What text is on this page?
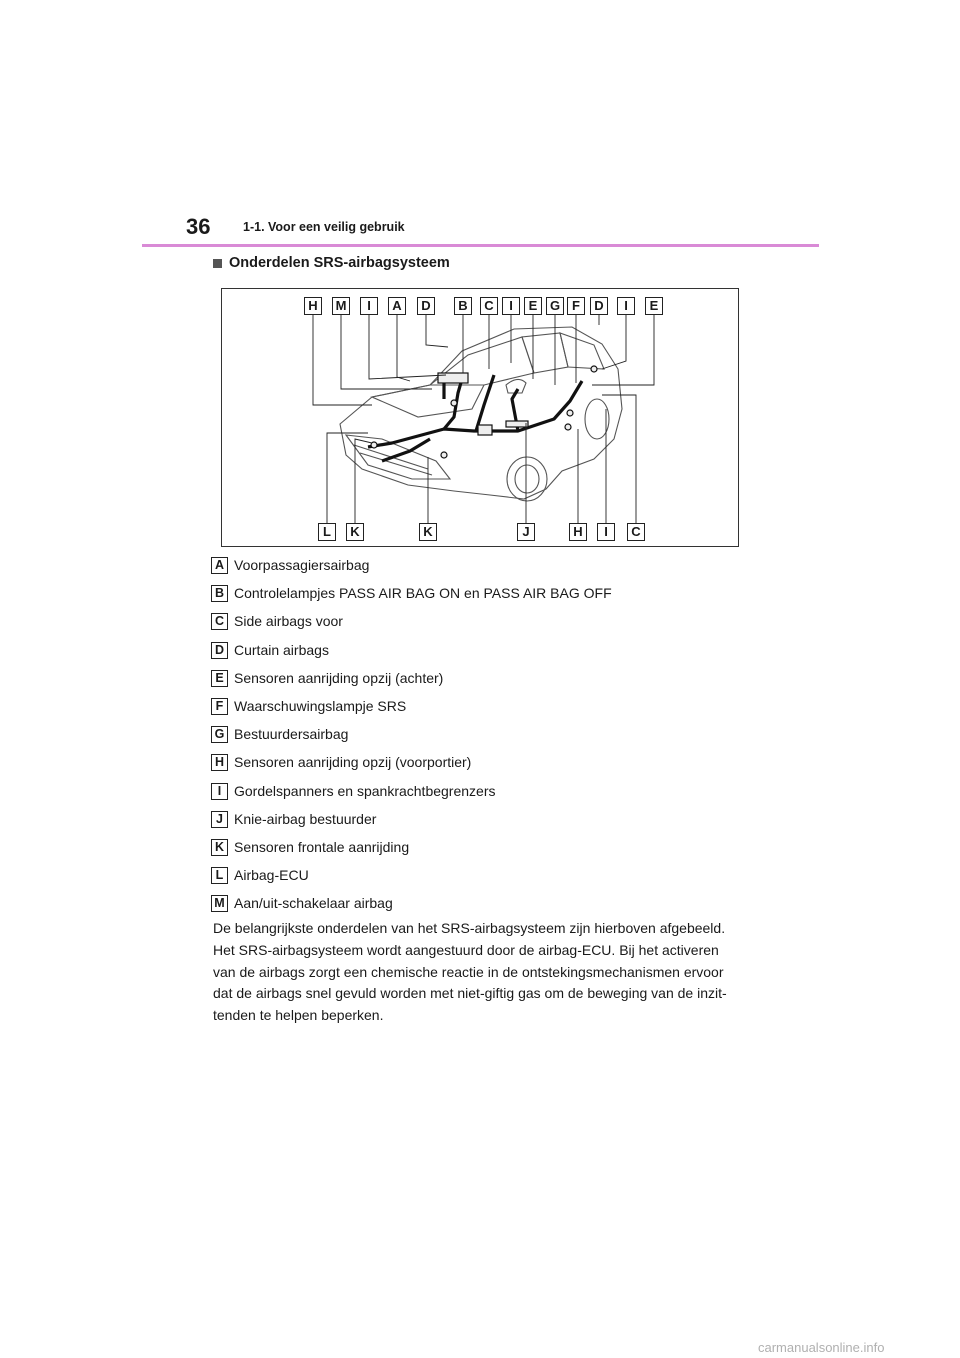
36	1-1. Voor een veilig gebruik
Onderdelen SRS-airbagsysteem
H	M	I	A	D	B	C	I	E G F	D	I	E
L	K	K	J	H	I	C
A Voorpassagiersairbag
B Controlelampjes PASS AIR BAG ON en PASS AIR BAG OFF
C Side airbags voor
D Curtain airbags
E Sensoren aanrijding opzij (achter)
F Waarschuwingslampje SRS
G Bestuurdersairbag
H Sensoren aanrijding opzij (voorportier)
I Gordelspanners en spankrachtbegrenzers
J Knie-airbag bestuurder
K Sensoren frontale aanrijding
L Airbag-ECU
M Aan/uit-schakelaar airbag

De belangrijkste onderdelen van het SRS-airbagsysteem zijn hierboven afgebeeld.

Het SRS-airbagsysteem wordt aangestuurd door de airbag-ECU. Bij het activeren

van de airbags zorgt een chemische reactie in de ontstekingsmechanismen ervoor

dat de airbags snel gevuld worden met niet-giftig gas om de beweging van de inzit-

tenden te helpen beperken.

carmanualsonline.info
